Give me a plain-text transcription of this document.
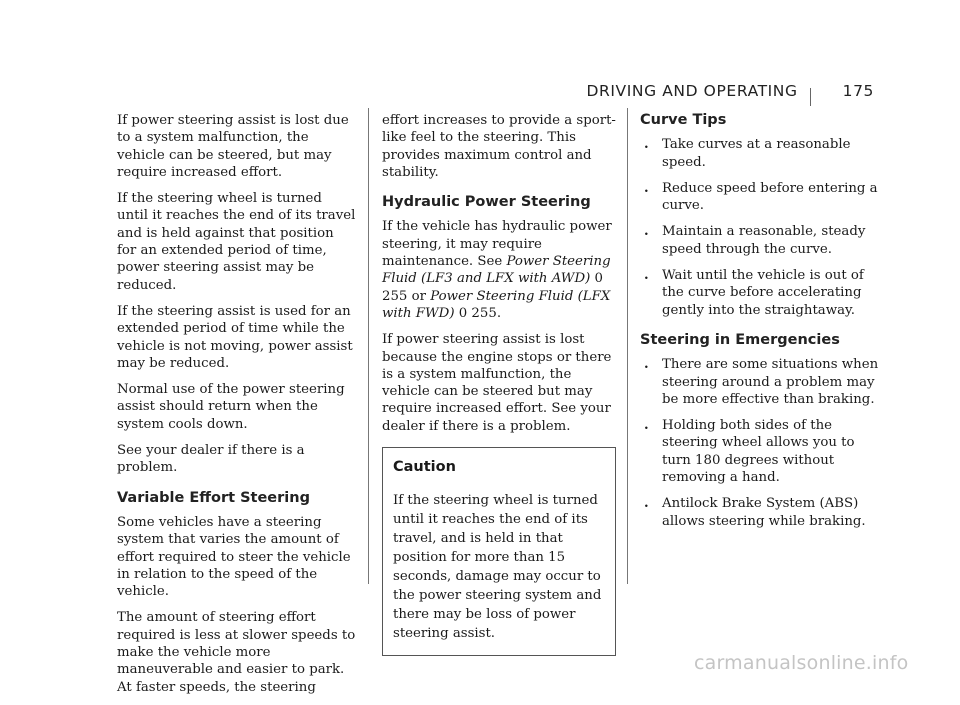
DRIVING AND OPERATING	175

If power steering assist is lost due to a system malfunction, the vehicle can be steered, but may require increased effort.

If the steering wheel is turned until it reaches the end of its travel and is held against that position for an extended period of time, power steering assist may be reduced.

If the steering assist is used for an extended period of time while the vehicle is not moving, power assist may be reduced.

Normal use of the power steering assist should return when the system cools down.

See your dealer if there is a problem.

Variable Effort Steering

Some vehicles have a steering system that varies the amount of effort required to steer the vehicle in relation to the speed of the vehicle.

The amount of steering effort required is less at slower speeds to make the vehicle more maneuverable and easier to park. At faster speeds, the steering

effort increases to provide a sport-like feel to the steering. This provides maximum control and stability.

Hydraulic Power Steering

If the vehicle has hydraulic power steering, it may require maintenance. See Power Steering Fluid (LF3 and LFX with AWD) 0 255 or Power Steering Fluid (LFX with FWD) 0 255.

If power steering assist is lost because the engine stops or there is a system malfunction, the vehicle can be steered but may require increased effort. See your dealer if there is a problem.

Caution
If the steering wheel is turned until it reaches the end of its travel, and is held in that position for more than 15 seconds, damage may occur to the power steering system and there may be loss of power steering assist.
Curve Tips
. Take curves at a reasonable speed.
. Reduce speed before entering a curve.
. Maintain a reasonable, steady speed through the curve.
. Wait until the vehicle is out of the curve before accelerating gently into the straightaway.
Steering in Emergencies
. There are some situations when steering around a problem may be more effective than braking.
. Holding both sides of the steering wheel allows you to turn 180 degrees without removing a hand.
. Antilock Brake System (ABS) allows steering while braking.
carmanualsonline.info
